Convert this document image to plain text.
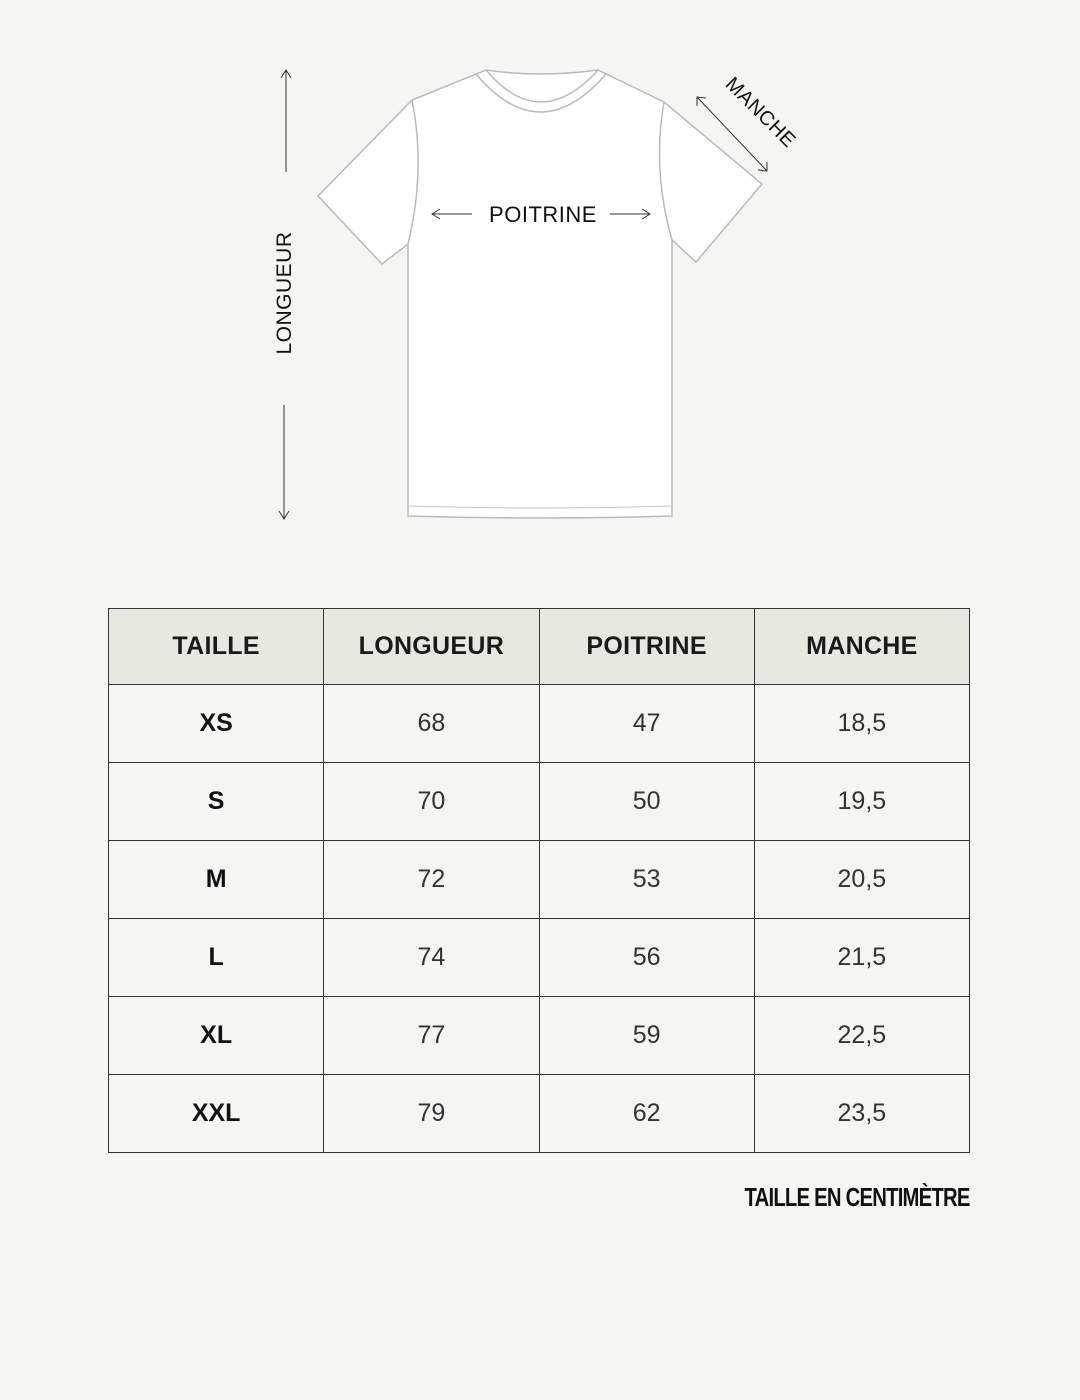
LONGUEUR
POITRINE
MANCHE
TAILLE	LONGUEUR	POITRINE	MANCHE
XS	68	47	18,5
S	70	50	19,5
M	72	53	20,5
L	74	56	21,5
XL	77	59	22,5
XXL	79	62	23,5
TAILLE EN CENTIMÈTRE
